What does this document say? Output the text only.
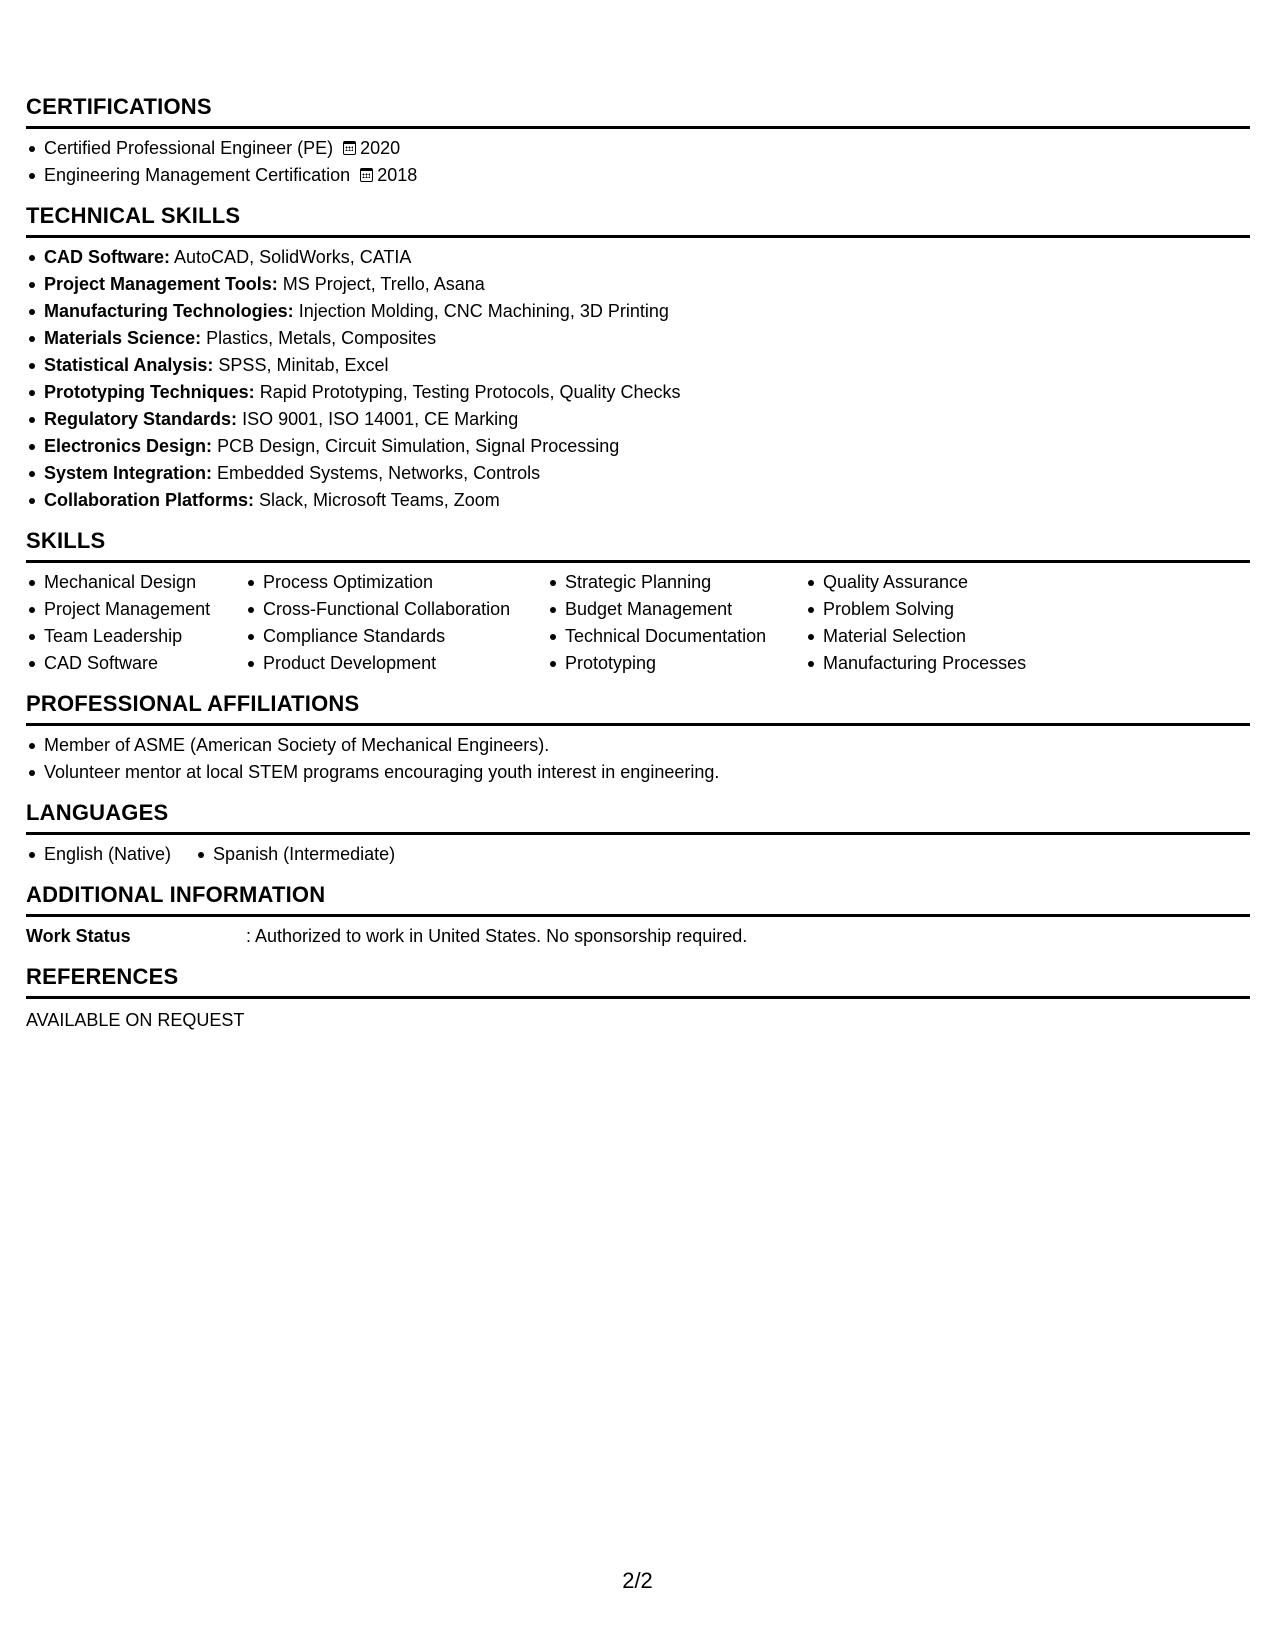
CERTIFICATIONS
Certified Professional Engineer (PE) 2020
Engineering Management Certification 2018
TECHNICAL SKILLS
CAD Software: AutoCAD, SolidWorks, CATIA
Project Management Tools: MS Project, Trello, Asana
Manufacturing Technologies: Injection Molding, CNC Machining, 3D Printing
Materials Science: Plastics, Metals, Composites
Statistical Analysis: SPSS, Minitab, Excel
Prototyping Techniques: Rapid Prototyping, Testing Protocols, Quality Checks
Regulatory Standards: ISO 9001, ISO 14001, CE Marking
Electronics Design: PCB Design, Circuit Simulation, Signal Processing
System Integration: Embedded Systems, Networks, Controls
Collaboration Platforms: Slack, Microsoft Teams, Zoom
SKILLS
Mechanical Design
Project Management
Team Leadership
CAD Software
Process Optimization
Cross-Functional Collaboration
Compliance Standards
Product Development
Strategic Planning
Budget Management
Technical Documentation
Prototyping
Quality Assurance
Problem Solving
Material Selection
Manufacturing Processes
PROFESSIONAL AFFILIATIONS
Member of ASME (American Society of Mechanical Engineers).
Volunteer mentor at local STEM programs encouraging youth interest in engineering.
LANGUAGES
English (Native)	Spanish (Intermediate)
ADDITIONAL INFORMATION
Work Status	: Authorized to work in United States. No sponsorship required.
REFERENCES
AVAILABLE ON REQUEST
2/2
